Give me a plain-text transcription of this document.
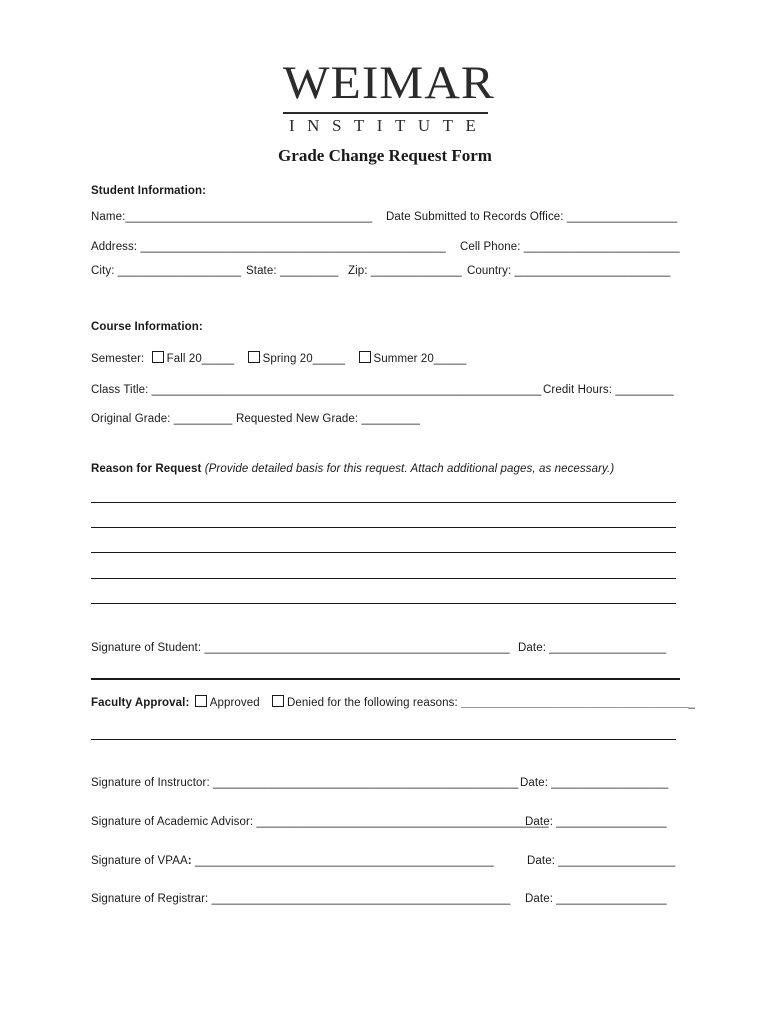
WEIMAR
INSTITUTE
Grade Change Request Form
Student Information:
Name:______________________________________ Date Submitted to Records Office: _________________
Address: _______________________________________________ Cell Phone: ________________________
City: ___________________ State: _________ Zip: ______________ Country: ________________________
Course Information:
Semester: Fall 20_____ Spring 20_____ Summer 20_____
Class Title: ____________________________________________________________ Credit Hours: _________
Original Grade: _________ Requested New Grade: _________
Reason for Request (Provide detailed basis for this request. Attach additional pages, as necessary.)
Signature of Student: _______________________________________________ Date: __________________
Faculty Approval: Approved Denied for the following reasons: ____________________________________
Signature of Instructor: _______________________________________________ Date: __________________
Signature of Academic Advisor: _____________________________________________
Date: _________________
Signature of VPAA: ______________________________________________	Date: __________________
Signature of Registrar: ______________________________________________ Date: _________________
